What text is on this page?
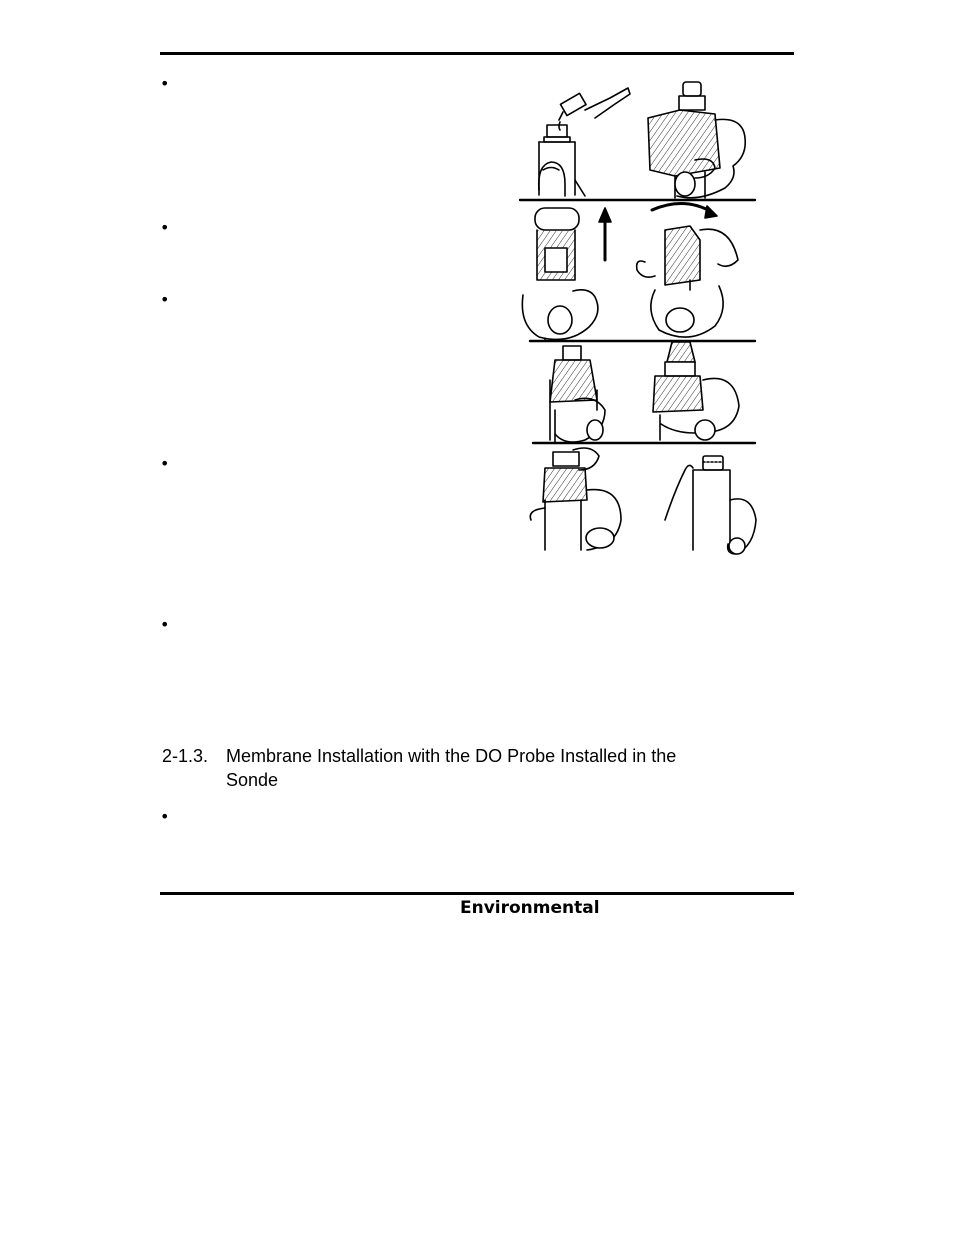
•
•
•
•
•
•
2-1.3. Membrane Installation with the DO Probe Installed in the
Sonde
Environmental
